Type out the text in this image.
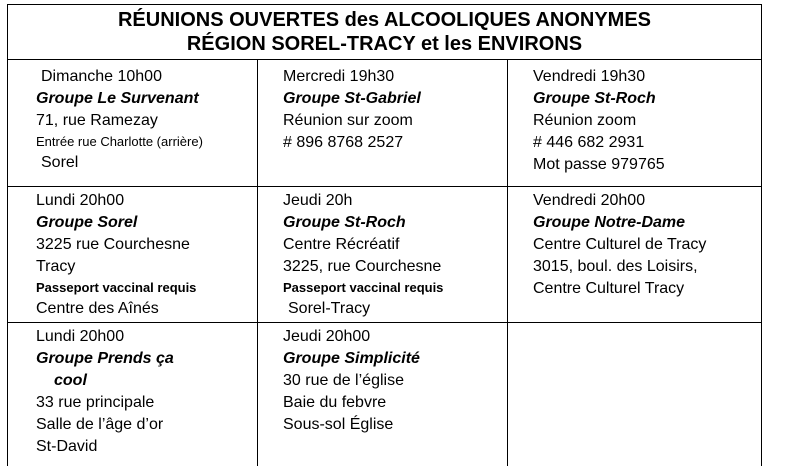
RÉUNIONS OUVERTES des ALCOOLIQUES ANONYMES
RÉGION SOREL-TRACY et les ENVIRONS
Dimanche 10h00
Groupe Le Survenant
71, rue Ramezay
Entrée rue Charlotte (arrière)
Sorel
Mercredi 19h30
Groupe St-Gabriel
Réunion sur zoom
# 896 8768 2527
Vendredi 19h30
Groupe St-Roch
Réunion zoom
# 446 682 2931
Mot passe 979765
Lundi 20h00
Groupe Sorel
3225 rue Courchesne
Tracy
Passeport vaccinal requis
Centre des Aînés
Jeudi 20h
Groupe St-Roch
Centre Récréatif
3225, rue Courchesne
Passeport vaccinal requis
Sorel-Tracy
Vendredi 20h00
Groupe Notre-Dame
Centre Culturel de Tracy
3015, boul. des Loisirs,
Centre Culturel Tracy
Lundi 20h00
Groupe Prends ça
cool
33 rue principale
Salle de l’âge d’or
St-David
Jeudi 20h00
Groupe Simplicité
30 rue de l’église
Baie du febvre
Sous-sol Église
